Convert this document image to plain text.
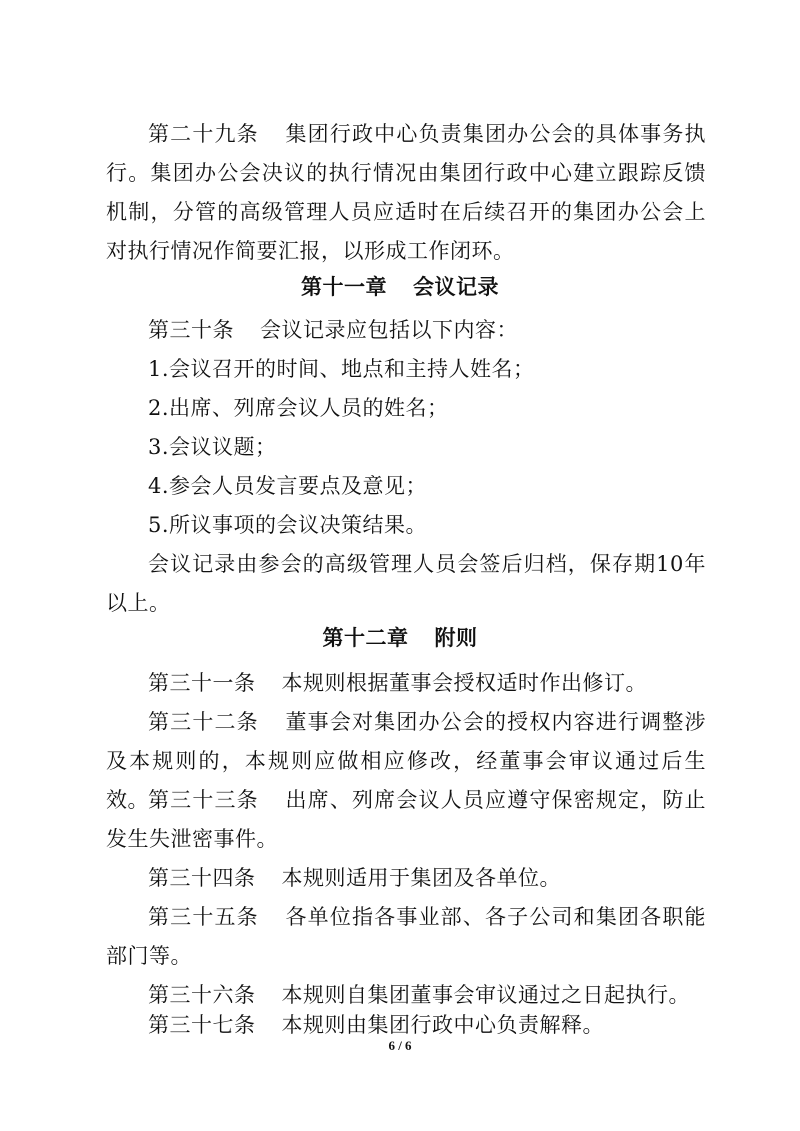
第二十九条 集团行政中心负责集团办公会的具体事务执行。集团办公会决议的执行情况由集团行政中心建立跟踪反馈机制，分管的高级管理人员应适时在后续召开的集团办公会上对执行情况作简要汇报，以形成工作闭环。

第十一章 会议记录
第三十条 会议记录应包括以下内容：
1.会议召开的时间、地点和主持人姓名；
2.出席、列席会议人员的姓名；
3.会议议题；
4.参会人员发言要点及意见；
5.所议事项的会议决策结果。

会议记录由参会的高级管理人员会签后归档，保存期10年以上。

第十二章 附则
第三十一条 本规则根据董事会授权适时作出修订。

第三十二条 董事会对集团办公会的授权内容进行调整涉及本规则的，本规则应做相应修改，经董事会审议通过后生效。 第三十三条 出席、列席会议人员应遵守保密规定，防止发生失泄密事件。

第三十四条 本规则适用于集团及各单位。

第三十五条 各单位指各事业部、各子公司和集团各职能部门等。

第三十六条 本规则自集团董事会审议通过之日起执行。
第三十七条 本规则由集团行政中心负责解释。
6 / 6
